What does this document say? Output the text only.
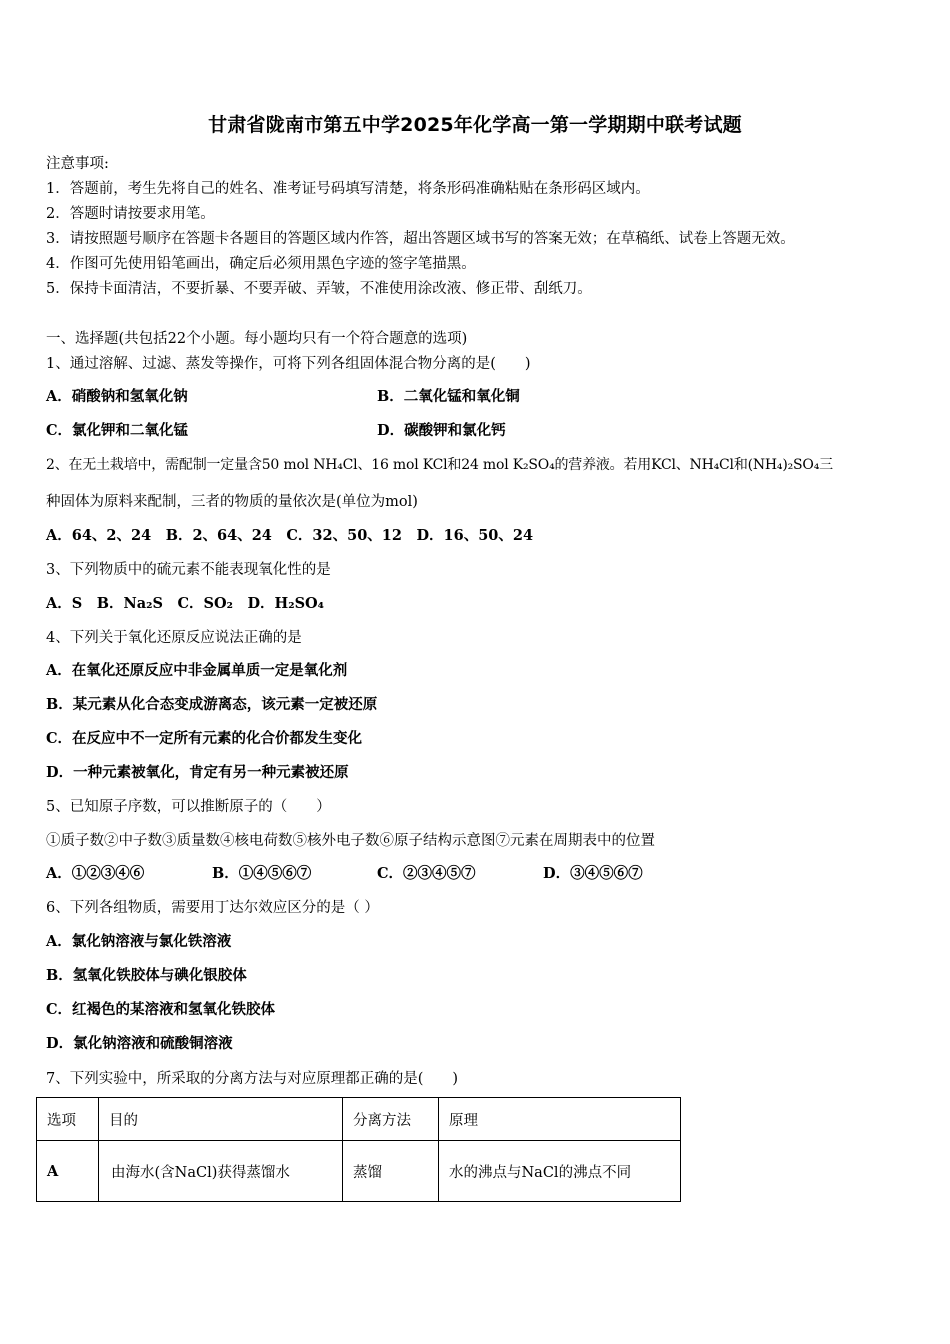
甘肃省陇南市第五中学2025年化学高一第一学期期中联考试题
注意事项:
1．答题前，考生先将自己的姓名、准考证号码填写清楚，将条形码准确粘贴在条形码区域内。
2．答题时请按要求用笔。
3．请按照题号顺序在答题卡各题目的答题区域内作答，超出答题区域书写的答案无效；在草稿纸、试卷上答题无效。
4．作图可先使用铅笔画出，确定后必须用黑色字迹的签字笔描黑。
5．保持卡面清洁，不要折暴、不要弄破、弄皱，不准使用涂改液、修正带、刮纸刀。
一、选择题(共包括22个小题。每小题均只有一个符合题意的选项)
1、通过溶解、过滤、蒸发等操作，可将下列各组固体混合物分离的是(　　)
A．硝酸钠和氢氧化钠	B．二氧化锰和氧化铜
C．氯化钾和二氧化锰	D．碳酸钾和氯化钙
2、在无土栽培中，需配制一定量含50 mol NH₄Cl、16 mol KCl和24 mol K₂SO₄的营养液。若用KCl、NH₄Cl和(NH₄)₂SO₄三
种固体为原料来配制，三者的物质的量依次是(单位为mol)
A．64、2、24　B．2、64、24　C．32、50、12　D．16、50、24
3、下列物质中的硫元素不能表现氧化性的是
A．S　B．Na₂S　C．SO₂　D．H₂SO₄
4、下列关于氧化还原反应说法正确的是
A．在氧化还原反应中非金属单质一定是氧化剂
B．某元素从化合态变成游离态，该元素一定被还原
C．在反应中不一定所有元素的化合价都发生变化
D．一种元素被氧化，肯定有另一种元素被还原
5、已知原子序数，可以推断原子的（　　）
①质子数②中子数③质量数④核电荷数⑤核外电子数⑥原子结构示意图⑦元素在周期表中的位置
A．①②③④⑥	B．①④⑤⑥⑦	C．②③④⑤⑦	D．③④⑤⑥⑦
6、下列各组物质，需要用丁达尔效应区分的是（ ）
A．氯化钠溶液与氯化铁溶液
B．氢氧化铁胶体与碘化银胶体
C．红褐色的某溶液和氢氧化铁胶体
D．氯化钠溶液和硫酸铜溶液
7、下列实验中，所采取的分离方法与对应原理都正确的是(　　)
选项	目的	分离方法	原理
A	由海水(含NaCl)获得蒸馏水	蒸馏	水的沸点与NaCl的沸点不同
